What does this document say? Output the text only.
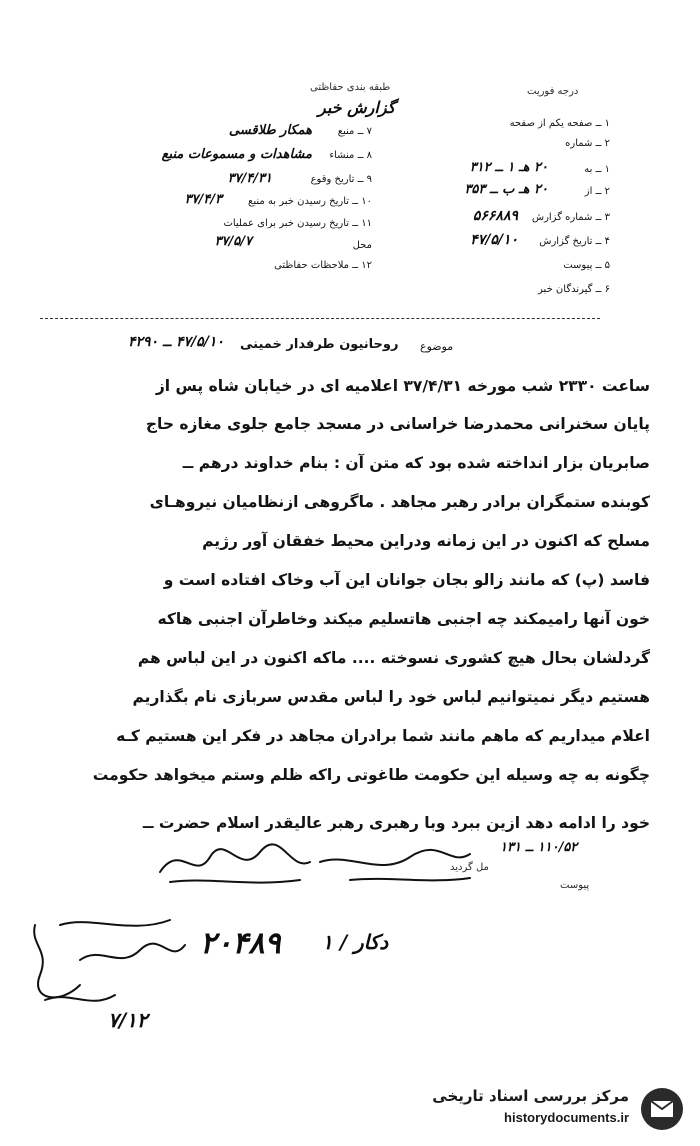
درجه فوریت
طبقه بندی حفاظتی
گزارش خبر
۱ ــ صفحه یکم از صفحه
۲ ــ شماره
۱ ــ به
۲۰ هـ ۱ ــ ۳۱۲
۲ ــ از
۲۰ هـ ب ــ ۳۵۳
۳ ــ شماره گزارش
۵۶۶۸۸۹
۴ ــ تاریخ گزارش
۴۷/۵/۱۰
۵ ــ پیوست
۶ ــ گیرندگان خبر
۷ ــ منبع
همکار طلاقسی
۸ ــ منشاء
مشاهدات و مسموعات منبع
۹ ــ تاریخ وقوع
۳۷/۴/۳۱
۱۰ ــ تاریخ رسیدن خبر به منبع
۳۷/۴/۳
۱۱ ــ تاریخ رسیدن خبر برای عملیات
محل
۳۷/۵/۷
۱۲ ــ ملاحظات حفاظتی
موضوع
روحانیون طرفدار خمینی
۴۷/۵/۱۰ ــ ۴۲۹۰
ساعت ۲۳۳۰ شب مورخه ۳۷/۴/۳۱ اعلامیه ای در خیابان شاه پس از
پایان سخنرانی محمدرضا خراسانی در مسجد جامع جلوی مغازه حاج
صابریان بزار انداخته شده بود که متن آن : بنام خداوند درهم ــ
کوبنده ستمگران برادر رهبر مجاهد . ماگروهی ازنظامیان نیروهـای
مسلح که اکنون در این زمانه ودراین محیط خفقان آور رژیم
فاسد (پ) که مانند زالو بجان جوانان این آب وخاک افتاده است و
خون آنها رامیمکند چه اجنبی هاتسلیم میکند وخاطرآن اجنبی هاکه
گردلشان بحال هیچ کشوری نسوخته .... ماکه اکنون در این لباس هم
هستیم دیگر نمیتوانیم لباس خود را لباس مقدس سربازی نام بگذاریم
اعلام میداریم که ماهم مانند شما برادران مجاهد در فکر این هستیم کـه
چگونه به چه وسیله این حکومت طاغوتی راکه ظلم وستم میخواهد حکومت
خود را ادامه دهد ازین ببرد وبا رهبری رهبر عالیقدر اسلام حضرت ــ
مل گردید
پیوست
۱۱۰/۵۲ ــ ۱۳۱
۲۰۴۸۹ دکار / ۱
۷/۱۲
مرکز بررسی اسناد تاریخی
historydocuments.ir
